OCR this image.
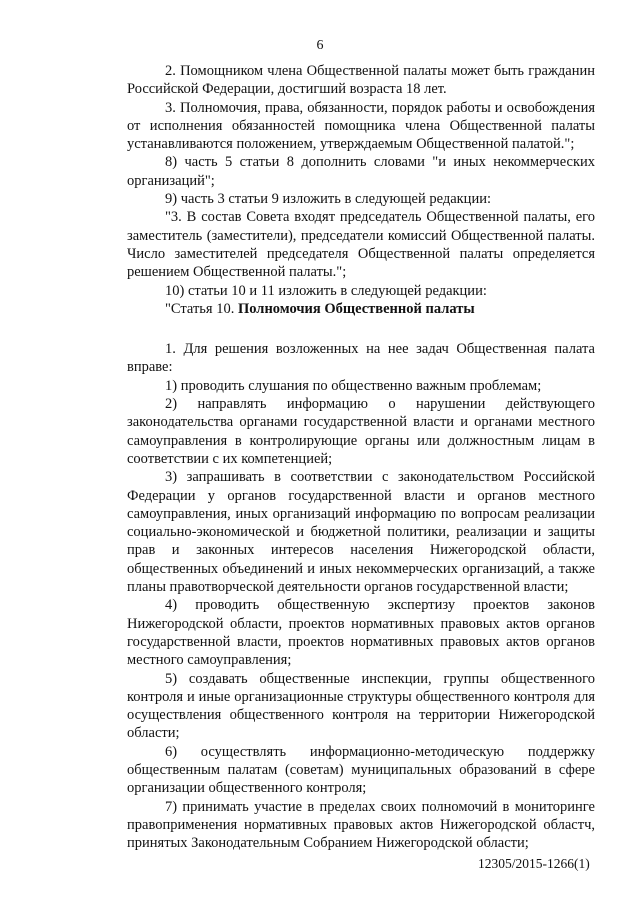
6

2. Помощником члена Общественной палаты может быть гражданин Российской Федерации, достигший возраста 18 лет.

3. Полномочия, права, обязанности, порядок работы и освобождения от исполнения обязанностей помощника члена Общественной палаты устанавливаются положением, утверждаемым Общественной палатой.";

8) часть 5 статьи 8 дополнить словами "и иных некоммерческих организаций";

9) часть 3 статьи 9 изложить в следующей редакции:

"3. В состав Совета входят председатель Общественной палаты, его заместитель (заместители), председатели комиссий Общественной палаты. Число заместителей председателя Общественной палаты определяется решением Общественной палаты.";

10) статьи 10 и 11 изложить в следующей редакции:

"Статья 10. Полномочия Общественной палаты

1. Для решения возложенных на нее задач Общественная палата вправе:

1) проводить слушания по общественно важным проблемам;

2) направлять информацию о нарушении действующего законодательства органами государственной власти и органами местного самоуправления в контролирующие органы или должностным лицам в соответствии с их компетенцией;

3) запрашивать в соответствии с законодательством Российской Федерации у органов государственной власти и органов местного самоуправления, иных организаций информацию по вопросам реализации социально-экономической и бюджетной политики, реализации и защиты прав и законных интересов населения Нижегородской области, общественных объединений и иных некоммерческих организаций, а также планы правотворческой деятельности органов государственной власти;

4) проводить общественную экспертизу проектов законов Нижегородской области, проектов нормативных правовых актов органов государственной власти, проектов нормативных правовых актов органов местного самоуправления;

5) создавать общественные инспекции, группы общественного контроля и иные организационные структуры общественного контроля для осуществления общественного контроля на территории Нижегородской области;

6) осуществлять информационно-методическую поддержку общественным палатам (советам) муниципальных образований в сфере организации общественного контроля;

7) принимать участие в пределах своих полномочий в мониторинге правоприменения нормативных правовых актов Нижегородской областч, принятых Законодательным Собранием Нижегородской области;

12305/2015-1266(1)
